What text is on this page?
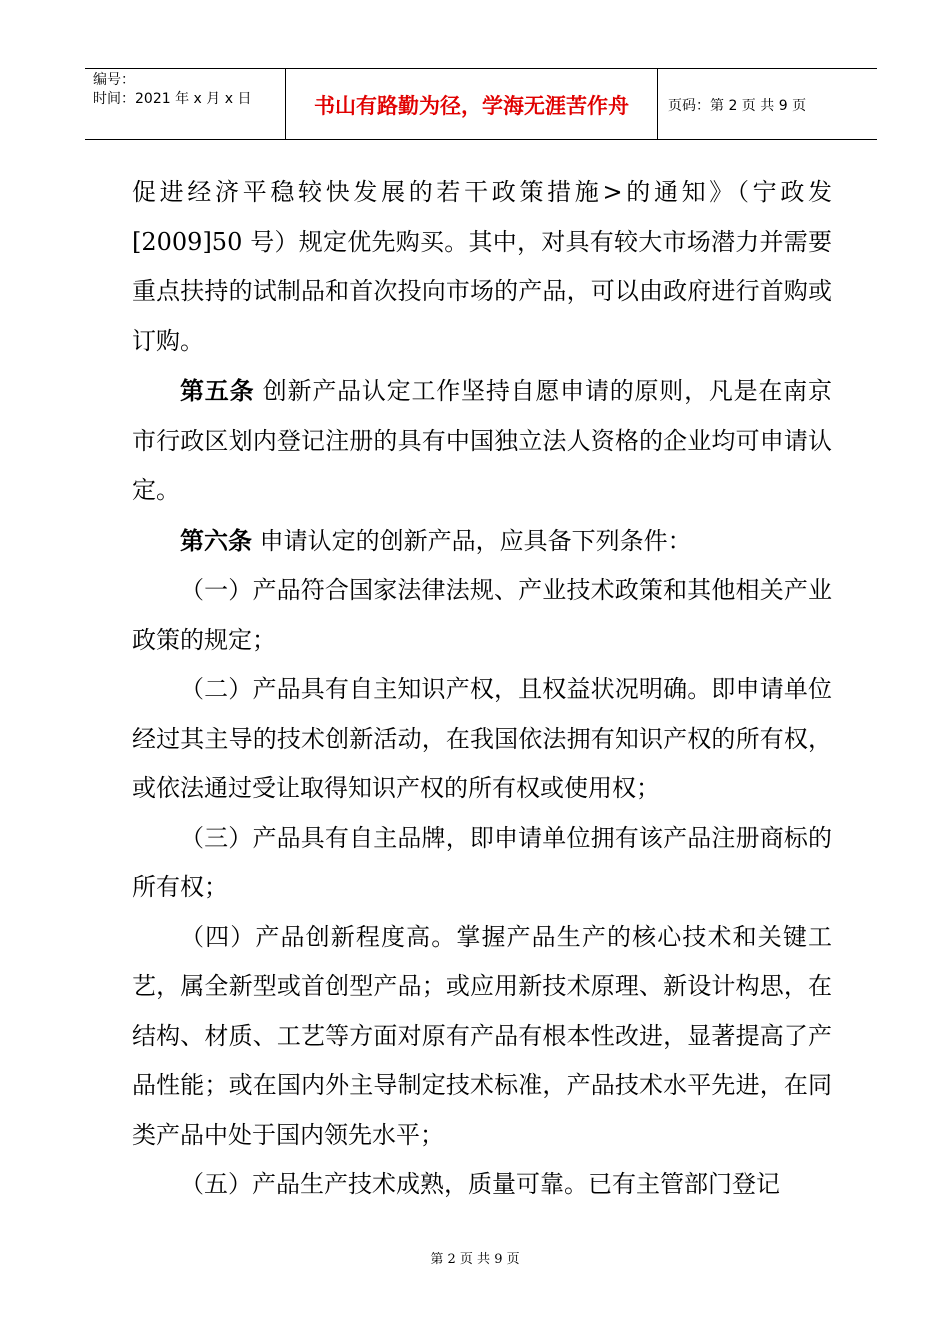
编号：
时间：2021 年 x 月 x 日	书山有路勤为径，学海无涯苦作舟	页码：第 2 页 共 9 页

促进经济平稳较快发展的若干政策措施>的通知》（宁政发[2009]50 号）规定优先购买。其中，对具有较大市场潜力并需要重点扶持的试制品和首次投向市场的产品，可以由政府进行首购或订购。

第五条 创新产品认定工作坚持自愿申请的原则，凡是在南京市行政区划内登记注册的具有中国独立法人资格的企业均可申请认定。

第六条 申请认定的创新产品，应具备下列条件：

（一）产品符合国家法律法规、产业技术政策和其他相关产业政策的规定；

（二）产品具有自主知识产权，且权益状况明确。即申请单位经过其主导的技术创新活动，在我国依法拥有知识产权的所有权，或依法通过受让取得知识产权的所有权或使用权；

（三）产品具有自主品牌，即申请单位拥有该产品注册商标的所有权；

（四）产品创新程度高。掌握产品生产的核心技术和关键工艺，属全新型或首创型产品；或应用新技术原理、新设计构思，在结构、材质、工艺等方面对原有产品有根本性改进，显著提高了产品性能；或在国内外主导制定技术标准，产品技术水平先进，在同类产品中处于国内领先水平；

（五）产品生产技术成熟，质量可靠。已有主管部门登记

第 2 页 共 9 页
